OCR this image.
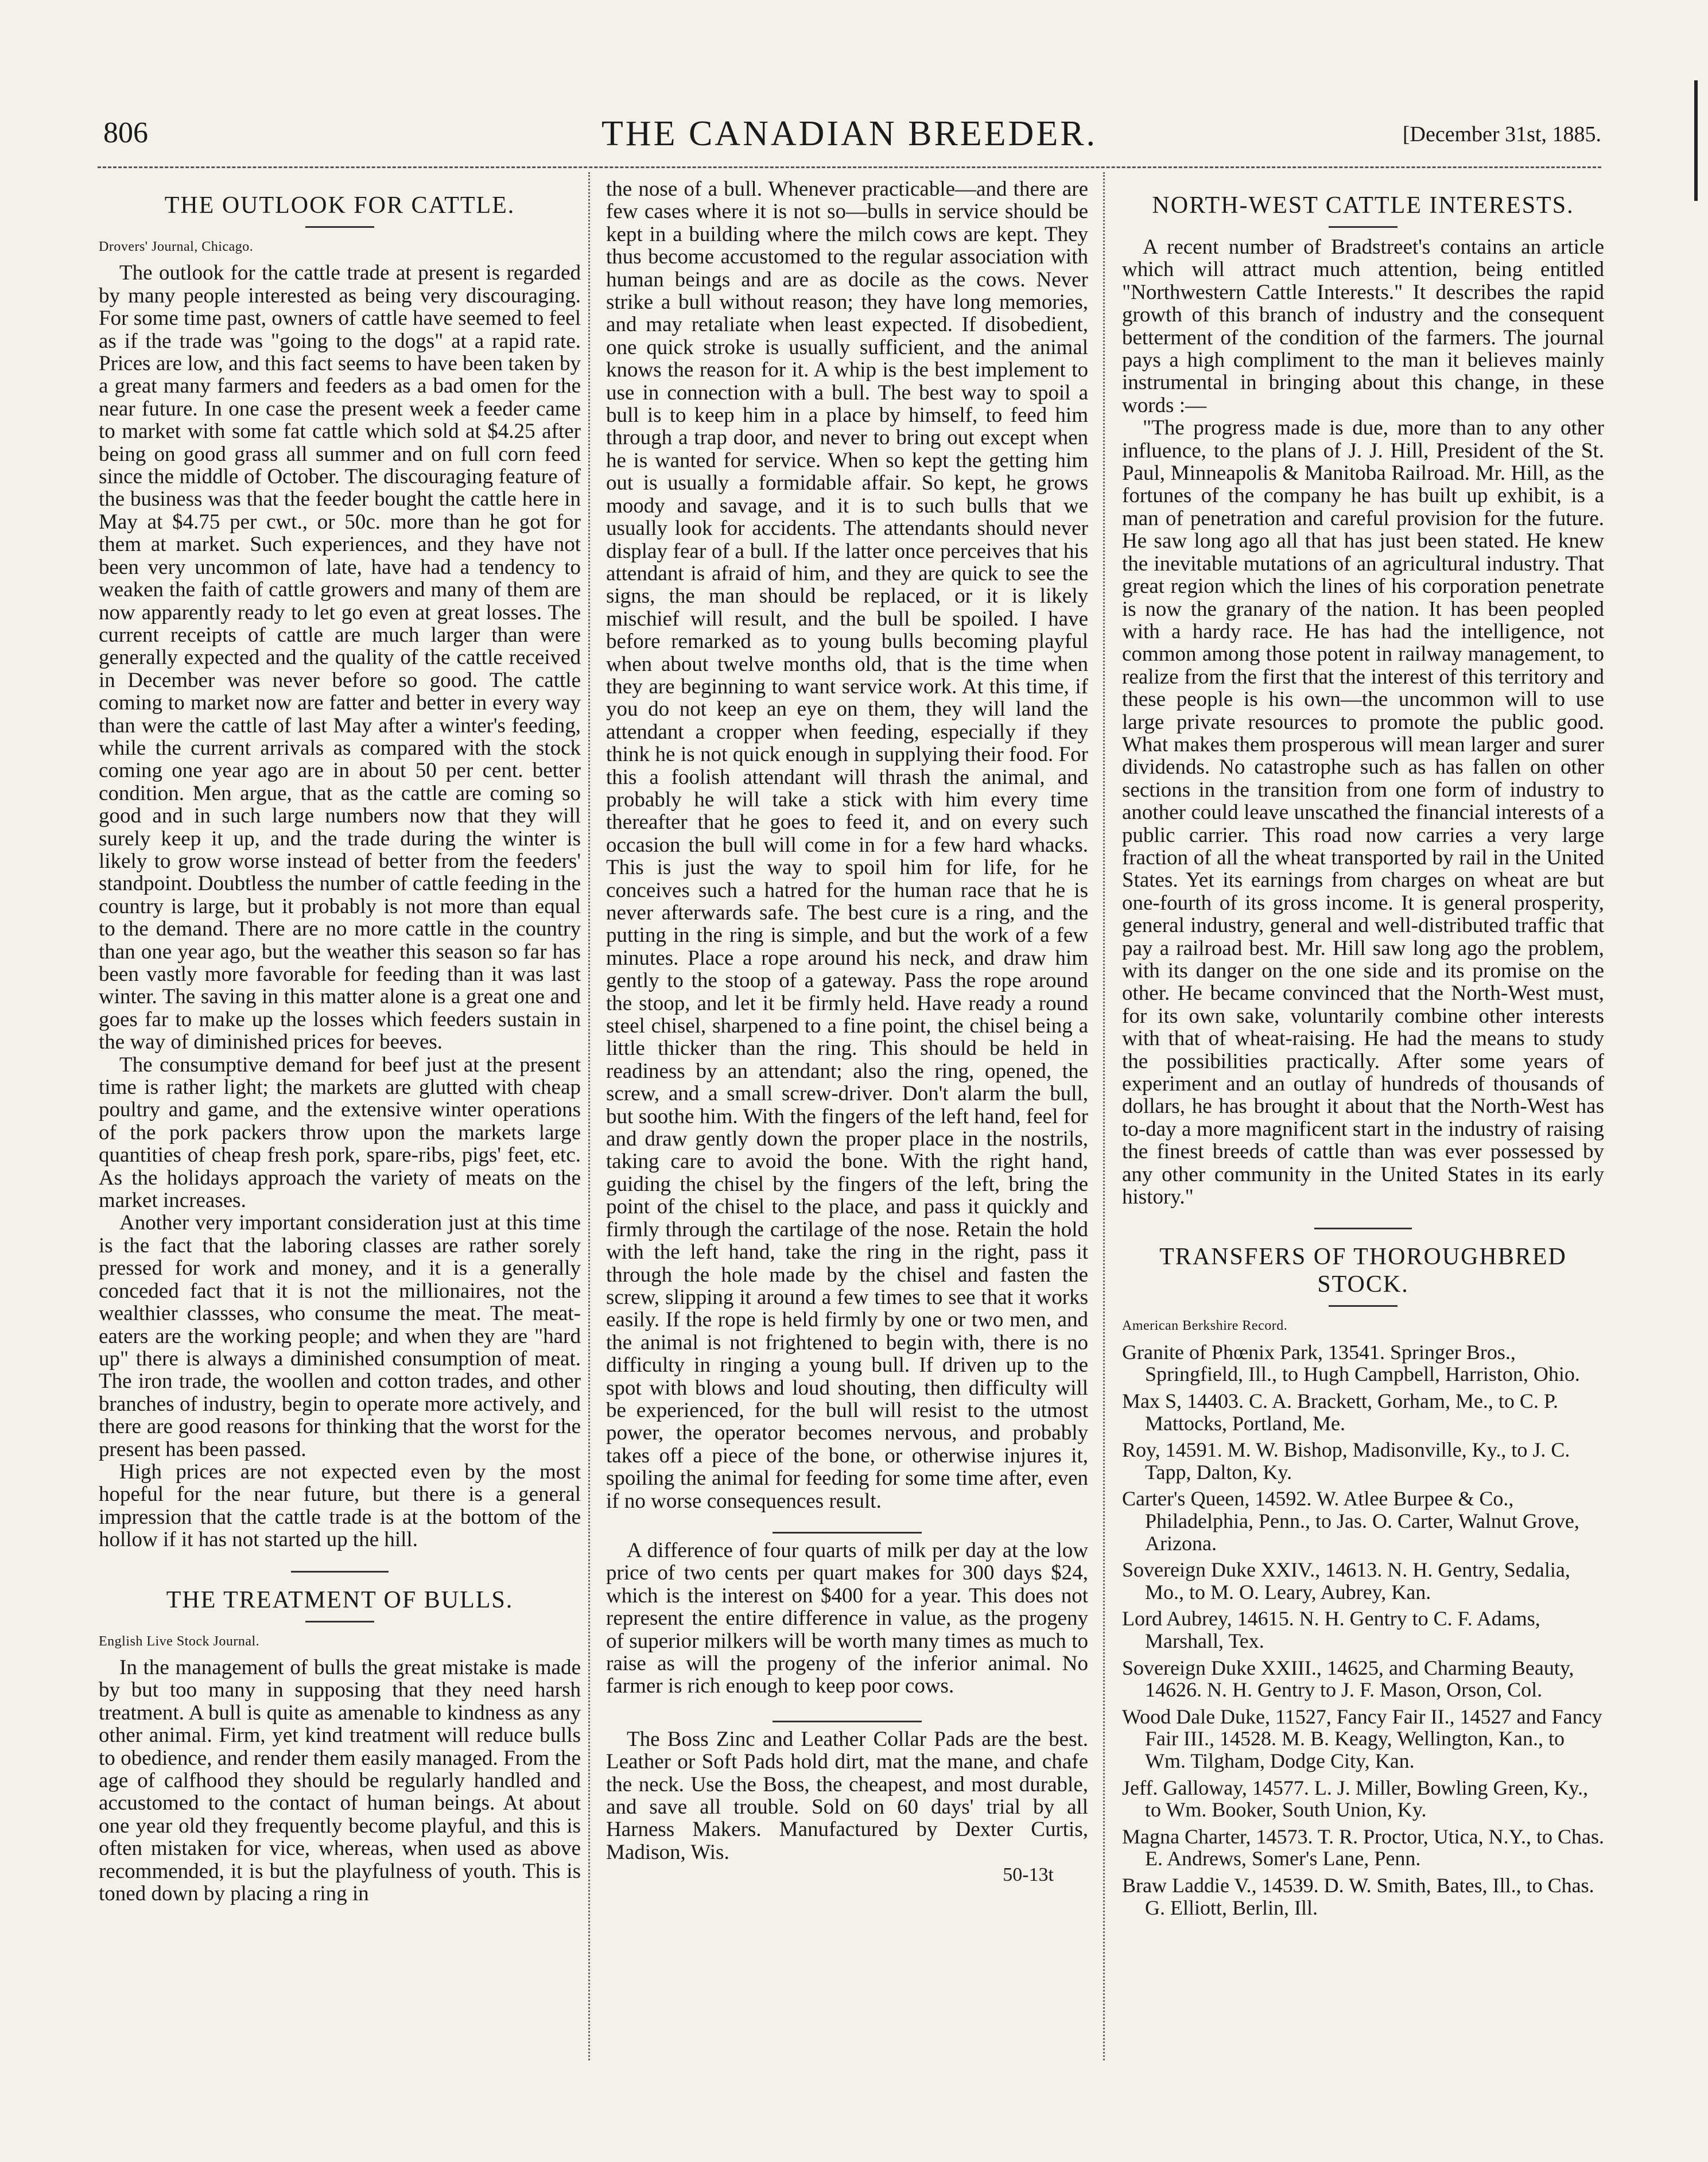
806	THE CANADIAN BREEDER.	[December 31st, 1885.
THE OUTLOOK FOR CATTLE.
Drovers' Journal, Chicago.

The outlook for the cattle trade at present is regarded by many people interested as being very discouraging. For some time past, owners of cattle have seemed to feel as if the trade was "going to the dogs" at a rapid rate. Prices are low, and this fact seems to have been taken by a great many farmers and feeders as a bad omen for the near future. In one case the present week a feeder came to market with some fat cattle which sold at $4.25 after being on good grass all summer and on full corn feed since the middle of October. The discouraging feature of the business was that the feeder bought the cattle here in May at $4.75 per cwt., or 50c. more than he got for them at market. Such experiences, and they have not been very uncommon of late, have had a tendency to weaken the faith of cattle growers and many of them are now apparently ready to let go even at great losses. The current receipts of cattle are much larger than were generally expected and the quality of the cattle received in December was never before so good. The cattle coming to market now are fatter and better in every way than were the cattle of last May after a winter's feeding, while the current arrivals as compared with the stock coming one year ago are in about 50 per cent. better condition. Men argue, that as the cattle are coming so good and in such large numbers now that they will surely keep it up, and the trade during the winter is likely to grow worse instead of better from the feeders' standpoint. Doubtless the number of cattle feeding in the country is large, but it probably is not more than equal to the demand. There are no more cattle in the country than one year ago, but the weather this season so far has been vastly more favorable for feeding than it was last winter. The saving in this matter alone is a great one and goes far to make up the losses which feeders sustain in the way of diminished prices for beeves.

The consumptive demand for beef just at the present time is rather light; the markets are glutted with cheap poultry and game, and the extensive winter operations of the pork packers throw upon the markets large quantities of cheap fresh pork, spare-ribs, pigs' feet, etc. As the holidays approach the variety of meats on the market increases.

Another very important consideration just at this time is the fact that the laboring classes are rather sorely pressed for work and money, and it is a generally conceded fact that it is not the millionaires, not the wealthier classses, who consume the meat. The meat-eaters are the working people; and when they are "hard up" there is always a diminished consumption of meat. The iron trade, the woollen and cotton trades, and other branches of industry, begin to operate more actively, and there are good reasons for thinking that the worst for the present has been passed.

High prices are not expected even by the most hopeful for the near future, but there is a general impression that the cattle trade is at the bottom of the hollow if it has not started up the hill.

THE TREATMENT OF BULLS.
English Live Stock Journal.

In the management of bulls the great mistake is made by but too many in supposing that they need harsh treatment. A bull is quite as amenable to kindness as any other animal. Firm, yet kind treatment will reduce bulls to obedience, and render them easily managed. From the age of calfhood they should be regularly handled and accustomed to the contact of human beings. At about one year old they frequently become playful, and this is often mistaken for vice, whereas, when used as above recommended, it is but the playfulness of youth. This is toned down by placing a ring in

the nose of a bull. Whenever practicable—and there are few cases where it is not so—bulls in service should be kept in a building where the milch cows are kept. They thus become accustomed to the regular association with human beings and are as docile as the cows. Never strike a bull without reason; they have long memories, and may retaliate when least expected. If disobedient, one quick stroke is usually sufficient, and the animal knows the reason for it. A whip is the best implement to use in connection with a bull. The best way to spoil a bull is to keep him in a place by himself, to feed him through a trap door, and never to bring out except when he is wanted for service. When so kept the getting him out is usually a formidable affair. So kept, he grows moody and savage, and it is to such bulls that we usually look for accidents. The attendants should never display fear of a bull. If the latter once perceives that his attendant is afraid of him, and they are quick to see the signs, the man should be replaced, or it is likely mischief will result, and the bull be spoiled. I have before remarked as to young bulls becoming playful when about twelve months old, that is the time when they are beginning to want service work. At this time, if you do not keep an eye on them, they will land the attendant a cropper when feeding, especially if they think he is not quick enough in supplying their food. For this a foolish attendant will thrash the animal, and probably he will take a stick with him every time thereafter that he goes to feed it, and on every such occasion the bull will come in for a few hard whacks. This is just the way to spoil him for life, for he conceives such a hatred for the human race that he is never afterwards safe. The best cure is a ring, and the putting in the ring is simple, and but the work of a few minutes. Place a rope around his neck, and draw him gently to the stoop of a gateway. Pass the rope around the stoop, and let it be firmly held. Have ready a round steel chisel, sharpened to a fine point, the chisel being a little thicker than the ring. This should be held in readiness by an attendant; also the ring, opened, the screw, and a small screw-driver. Don't alarm the bull, but soothe him. With the fingers of the left hand, feel for and draw gently down the proper place in the nostrils, taking care to avoid the bone. With the right hand, guiding the chisel by the fingers of the left, bring the point of the chisel to the place, and pass it quickly and firmly through the cartilage of the nose. Retain the hold with the left hand, take the ring in the right, pass it through the hole made by the chisel and fasten the screw, slipping it around a few times to see that it works easily. If the rope is held firmly by one or two men, and the animal is not frightened to begin with, there is no difficulty in ringing a young bull. If driven up to the spot with blows and loud shouting, then difficulty will be experienced, for the bull will resist to the utmost power, the operator becomes nervous, and probably takes off a piece of the bone, or otherwise injures it, spoiling the animal for feeding for some time after, even if no worse consequences result.

A difference of four quarts of milk per day at the low price of two cents per quart makes for 300 days $24, which is the interest on $400 for a year. This does not represent the entire difference in value, as the progeny of superior milkers will be worth many times as much to raise as will the progeny of the inferior animal. No farmer is rich enough to keep poor cows.

The Boss Zinc and Leather Collar Pads are the best. Leather or Soft Pads hold dirt, mat the mane, and chafe the neck. Use the Boss, the cheapest, and most durable, and save all trouble. Sold on 60 days' trial by all Harness Makers. Manufactured by Dexter Curtis, Madison, Wis.

50-13t
NORTH-WEST CATTLE INTERESTS.

A recent number of Bradstreet's contains an article which will attract much attention, being entitled "Northwestern Cattle Interests." It describes the rapid growth of this branch of industry and the consequent betterment of the condition of the farmers. The journal pays a high compliment to the man it believes mainly instrumental in bringing about this change, in these words :—

"The progress made is due, more than to any other influence, to the plans of J. J. Hill, President of the St. Paul, Minneapolis & Manitoba Railroad. Mr. Hill, as the fortunes of the company he has built up exhibit, is a man of penetration and careful provision for the future. He saw long ago all that has just been stated. He knew the inevitable mutations of an agricultural industry. That great region which the lines of his corporation penetrate is now the granary of the nation. It has been peopled with a hardy race. He has had the intelligence, not common among those potent in railway management, to realize from the first that the interest of this territory and these people is his own—the uncommon will to use large private resources to promote the public good. What makes them prosperous will mean larger and surer dividends. No catastrophe such as has fallen on other sections in the transition from one form of industry to another could leave unscathed the financial interests of a public carrier. This road now carries a very large fraction of all the wheat transported by rail in the United States. Yet its earnings from charges on wheat are but one-fourth of its gross income. It is general prosperity, general industry, general and well-distributed traffic that pay a railroad best. Mr. Hill saw long ago the problem, with its danger on the one side and its promise on the other. He became convinced that the North-West must, for its own sake, voluntarily combine other interests with that of wheat-raising. He had the means to study the possibilities practically. After some years of experiment and an outlay of hundreds of thousands of dollars, he has brought it about that the North-West has to-day a more magnificent start in the industry of raising the finest breeds of cattle than was ever possessed by any other community in the United States in its early history."

TRANSFERS OF THOROUGHBRED STOCK.
American Berkshire Record.
Granite of Phœnix Park, 13541. Springer Bros., Springfield, Ill., to Hugh Campbell, Harriston, Ohio.
Max S, 14403. C. A. Brackett, Gorham, Me., to C. P. Mattocks, Portland, Me.
Roy, 14591. M. W. Bishop, Madisonville, Ky., to J. C. Tapp, Dalton, Ky.
Carter's Queen, 14592. W. Atlee Burpee & Co., Philadelphia, Penn., to Jas. O. Carter, Walnut Grove, Arizona.
Sovereign Duke XXIV., 14613. N. H. Gentry, Sedalia, Mo., to M. O. Leary, Aubrey, Kan.
Lord Aubrey, 14615. N. H. Gentry to C. F. Adams, Marshall, Tex.
Sovereign Duke XXIII., 14625, and Charming Beauty, 14626. N. H. Gentry to J. F. Mason, Orson, Col.
Wood Dale Duke, 11527, Fancy Fair II., 14527 and Fancy Fair III., 14528. M. B. Keagy, Wellington, Kan., to Wm. Tilgham, Dodge City, Kan.
Jeff. Galloway, 14577. L. J. Miller, Bowling Green, Ky., to Wm. Booker, South Union, Ky.
Magna Charter, 14573. T. R. Proctor, Utica, N.Y., to Chas. E. Andrews, Somer's Lane, Penn.
Braw Laddie V., 14539. D. W. Smith, Bates, Ill., to Chas. G. Elliott, Berlin, Ill.
